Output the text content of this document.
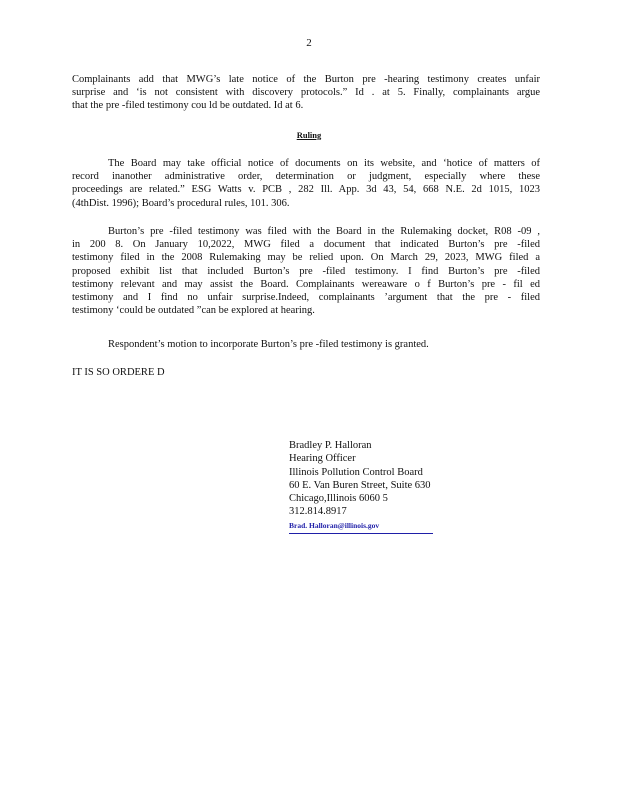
2
Complainants add that MWG’s late notice of the Burton pre -hearing testimony creates unfair
surprise and ‘is not consistent with discovery protocols.” Id . at 5. Finally, complainants argue
that the pre -filed testimony cou ld be outdated. Id at 6.
Ruling
The Board may take official notice of documents on its website, and ‘hotice of matters of
record inanother administrative order, determination or judgment, especially where these
proceedings are related.” ESG Watts v. PCB , 282 Ill. App. 3d 43, 54, 668 N.E. 2d 1015, 1023
(4thDist. 1996); Board’s procedural rules, 101. 306.
Burton’s pre -filed testimony was filed with the Board in the Rulemaking docket, R08 -09 ,
in 200 8. On January 10,2022, MWG filed a document that indicated Burton’s pre -filed
testimony filed in the 2008 Rulemaking may be relied upon. On March 29, 2023, MWG filed a
proposed exhibit list that included Burton’s pre -filed testimony. I find Burton’s pre -filed
testimony relevant and may assist the Board. Complainants wereaware o f Burton’s pre - fil ed
testimony and I find no unfair surprise.Indeed, complainants ’argument that the pre - filed
testimony ‘could be outdated ”can be explored at hearing.
Respondent’s motion to incorporate Burton’s pre -filed testimony is granted.
IT IS SO ORDERE D
Bradley P. Halloran
Hearing Officer
Illinois Pollution Control Board
60 E. Van Buren Street, Suite 630
Chicago,Illinois 6060 5
312.814.8917
Brad. Halloran@illinois.gov
